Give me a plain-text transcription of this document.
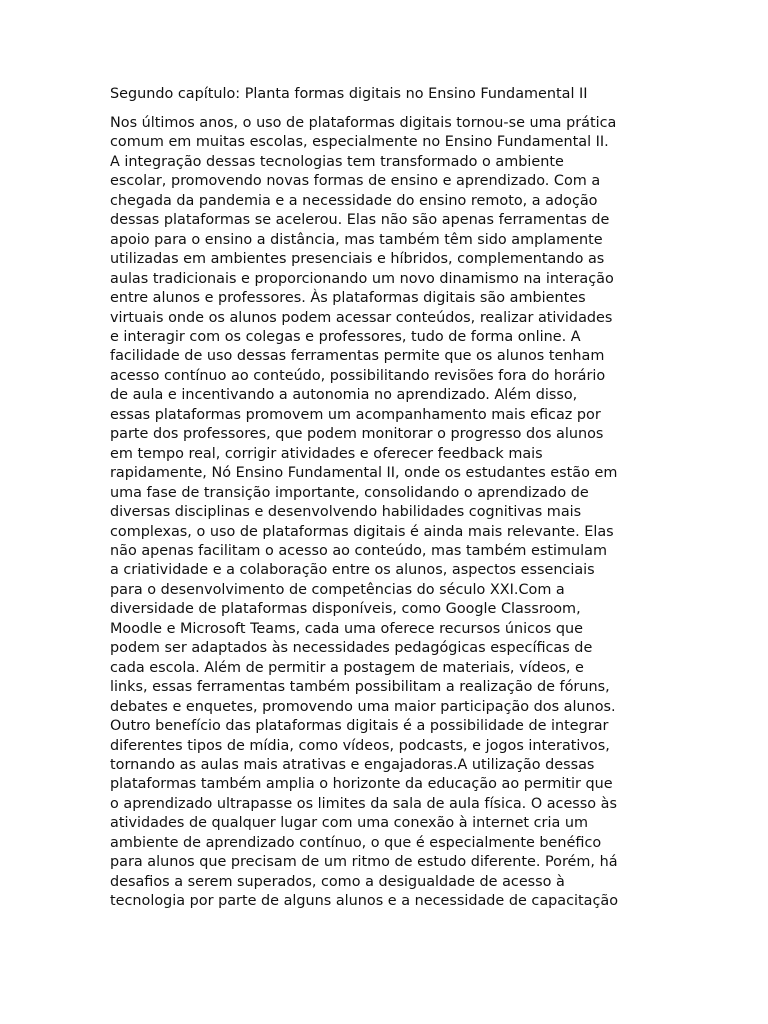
Segundo capítulo: Planta formas digitais no Ensino Fundamental II
Nos últimos anos, o uso de plataformas digitais tornou-se uma prática
comum em muitas escolas, especialmente no Ensino Fundamental II.
A integração dessas tecnologias tem transformado o ambiente
escolar, promovendo novas formas de ensino e aprendizado. Com a
chegada da pandemia e a necessidade do ensino remoto, a adoção
dessas plataformas se acelerou. Elas não são apenas ferramentas de
apoio para o ensino a distância, mas também têm sido amplamente
utilizadas em ambientes presenciais e híbridos, complementando as
aulas tradicionais e proporcionando um novo dinamismo na interação
entre alunos e professores. Às plataformas digitais são ambientes
virtuais onde os alunos podem acessar conteúdos, realizar atividades
e interagir com os colegas e professores, tudo de forma online. A
facilidade de uso dessas ferramentas permite que os alunos tenham
acesso contínuo ao conteúdo, possibilitando revisões fora do horário
de aula e incentivando a autonomia no aprendizado. Além disso,
essas plataformas promovem um acompanhamento mais eficaz por
parte dos professores, que podem monitorar o progresso dos alunos
em tempo real, corrigir atividades e oferecer feedback mais
rapidamente, Nó Ensino Fundamental II, onde os estudantes estão em
uma fase de transição importante, consolidando o aprendizado de
diversas disciplinas e desenvolvendo habilidades cognitivas mais
complexas, o uso de plataformas digitais é ainda mais relevante. Elas
não apenas facilitam o acesso ao conteúdo, mas também estimulam
a criatividade e a colaboração entre os alunos, aspectos essenciais
para o desenvolvimento de competências do século XXI.Com a
diversidade de plataformas disponíveis, como Google Classroom,
Moodle e Microsoft Teams, cada uma oferece recursos únicos que
podem ser adaptados às necessidades pedagógicas específicas de
cada escola. Além de permitir a postagem de materiais, vídeos, e
links, essas ferramentas também possibilitam a realização de fóruns,
debates e enquetes, promovendo uma maior participação dos alunos.
Outro benefício das plataformas digitais é a possibilidade de integrar
diferentes tipos de mídia, como vídeos, podcasts, e jogos interativos,
tornando as aulas mais atrativas e engajadoras.A utilização dessas
plataformas também amplia o horizonte da educação ao permitir que
o aprendizado ultrapasse os limites da sala de aula física. O acesso às
atividades de qualquer lugar com uma conexão à internet cria um
ambiente de aprendizado contínuo, o que é especialmente benéfico
para alunos que precisam de um ritmo de estudo diferente. Porém, há
desafios a serem superados, como a desigualdade de acesso à
tecnologia por parte de alguns alunos e a necessidade de capacitação
